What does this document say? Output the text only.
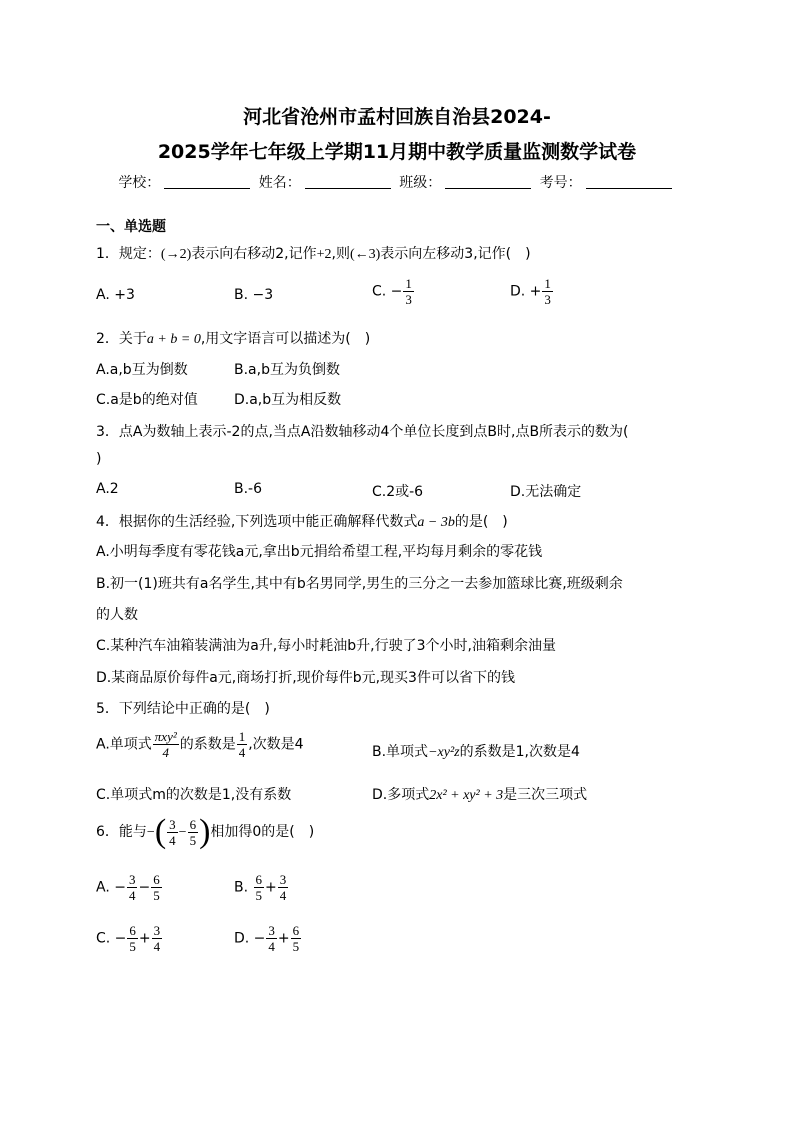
河北省沧州市孟村回族自治县2024-
2025学年七年级上学期11月期中教学质量监测数学试卷
学校：	姓名：	班级：	考号：
一、单选题
1．规定：(→2)表示向右移动2,记作+2,则(←3)表示向左移动3,记作(　)
A. +3	B. −3	C. − $\frac{1}{3}$	D. + $\frac{1}{3}$
2．关于a + b = 0,用文字语言可以描述为(　)
A.a,b互为倒数	B.a,b互为负倒数
C.a是b的绝对值	D.a,b互为相反数
3．点A为数轴上表示-2的点,当点A沿数轴移动4个单位长度到点B时,点B所表示的数为(
)
A.2	B.-6	C.2或-6	D.无法确定
4．根据你的生活经验,下列选项中能正确解释代数式a − 3b的是(　)
A.小明每季度有零花钱a元,拿出b元捐给希望工程,平均每月剩余的零花钱
B.初一(1)班共有a名学生,其中有b名男同学,男生的三分之一去参加篮球比赛,班级剩余
的人数
C.某种汽车油箱装满油为a升,每小时耗油b升,行驶了3个小时,油箱剩余油量
D.某商品原价每件a元,商场打折,现价每件b元,现买3件可以省下的钱
5．下列结论中正确的是(　)
A.单项式 $\frac{\text{πxy²}}{4}$ 的系数是 $\frac{1}{4}$ ,次数是4	B.单项式−xy²z的系数是1,次数是4
C.单项式m的次数是1,没有系数	D.多项式2x² + xy² + 3是三次三项式
6．能与−( $\frac{3}{4} - \frac{6}{5}$ )相加得0的是(　)
A. − $\frac{3}{4} - \frac{6}{5}$	B. $\frac{6}{5} + \frac{3}{4}$
C. − $\frac{6}{5} + \frac{3}{4}$	D. − $\frac{3}{4} + \frac{6}{5}$
